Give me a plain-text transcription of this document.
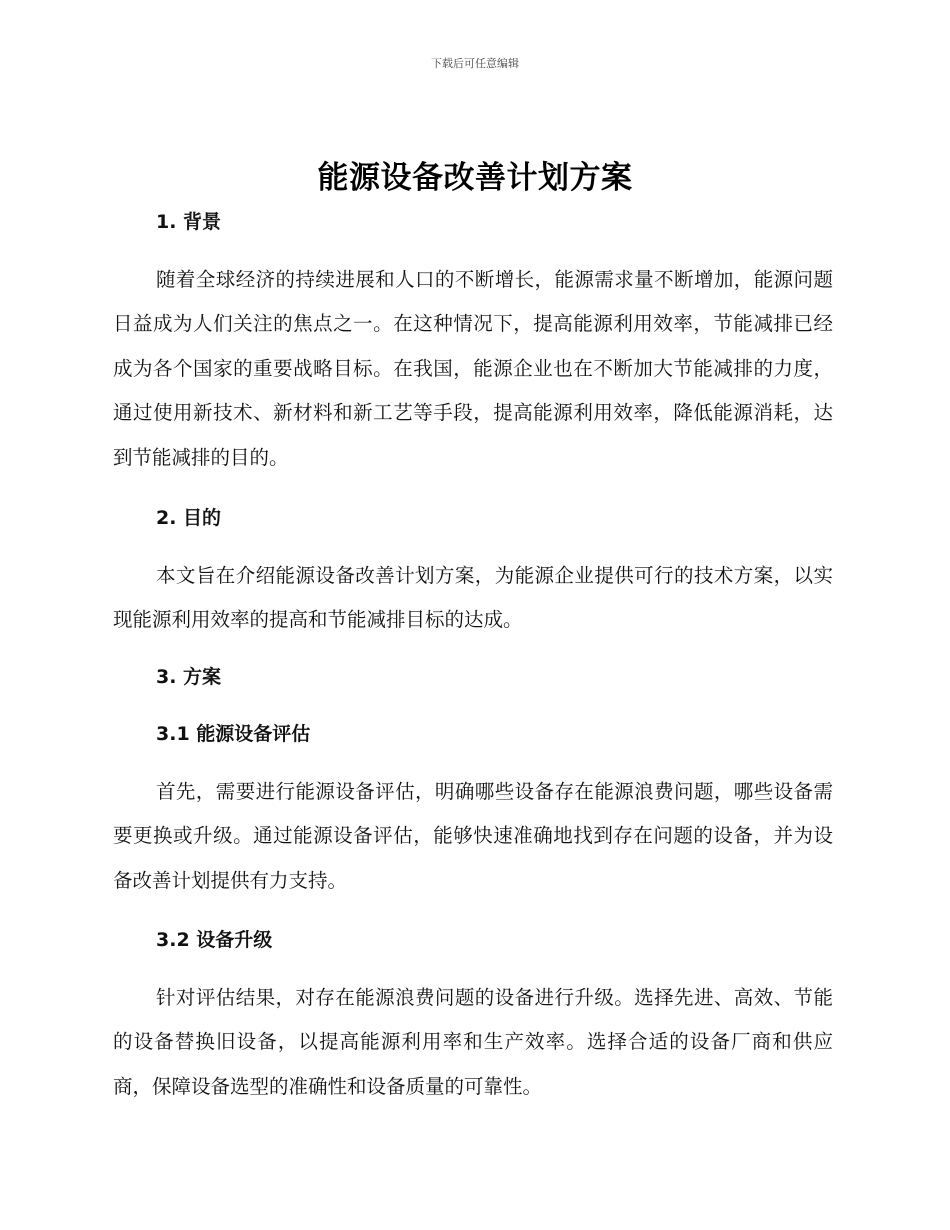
下载后可任意编辑
能源设备改善计划方案
1. 背景
随着全球经济的持续进展和人口的不断增长，能源需求量不断增加，能源问题日益成为人们关注的焦点之一。在这种情况下，提高能源利用效率，节能减排已经成为各个国家的重要战略目标。在我国，能源企业也在不断加大节能减排的力度，通过使用新技术、新材料和新工艺等手段，提高能源利用效率，降低能源消耗，达到节能减排的目的。
2. 目的
本文旨在介绍能源设备改善计划方案，为能源企业提供可行的技术方案，以实现能源利用效率的提高和节能减排目标的达成。
3. 方案
3.1 能源设备评估
首先，需要进行能源设备评估，明确哪些设备存在能源浪费问题，哪些设备需要更换或升级。通过能源设备评估，能够快速准确地找到存在问题的设备，并为设备改善计划提供有力支持。
3.2 设备升级
针对评估结果，对存在能源浪费问题的设备进行升级。选择先进、高效、节能的设备替换旧设备，以提高能源利用率和生产效率。选择合适的设备厂商和供应商，保障设备选型的准确性和设备质量的可靠性。
